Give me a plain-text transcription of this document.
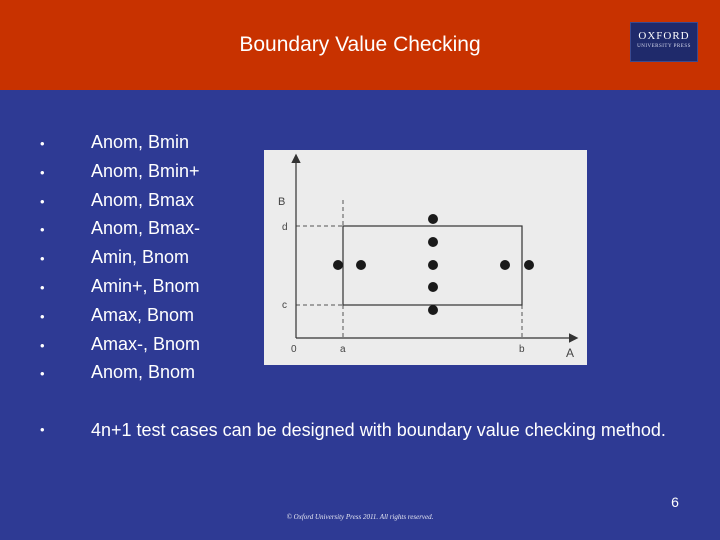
Boundary Value Checking	OXFORD
UNIVERSITY PRESS
•	Anom, Bmin
•	Anom, Bmin+
•	Anom, Bmax
•	Anom, Bmax-
•	Amin, Bnom
•	Amin+, Bnom
•	Amax, Bnom
•	Amax-, Bnom
•	Anom, Bnom
•	4n+1 test cases can be designed with boundary value checking method.
B
A
0	a	b
d
c
6
© Oxford University Press 2011. All rights reserved.
